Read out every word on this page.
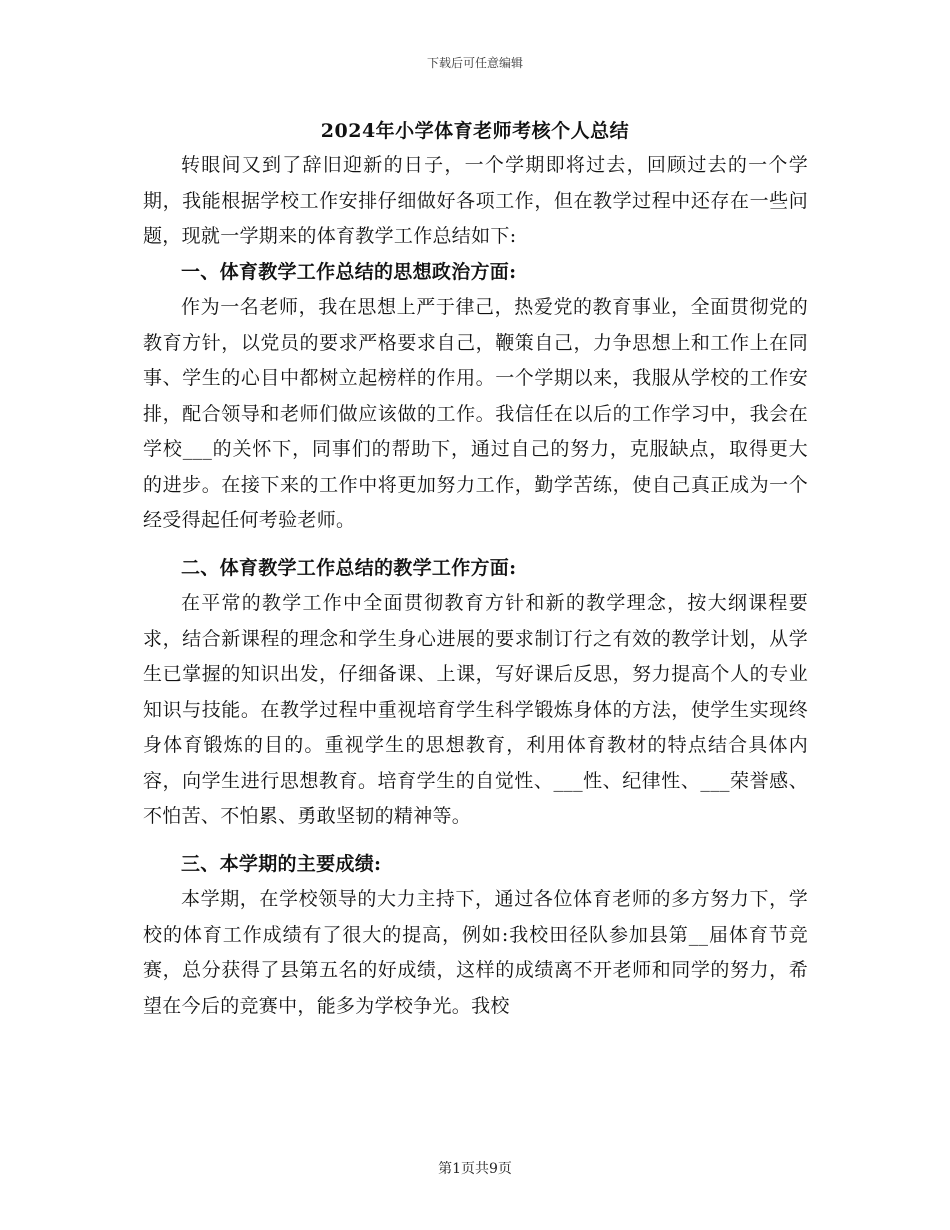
下载后可任意编辑
2024年小学体育老师考核个人总结

转眼间又到了辞旧迎新的日子，一个学期即将过去，回顾过去的一个学期，我能根据学校工作安排仔细做好各项工作，但在教学过程中还存在一些问题，现就一学期来的体育教学工作总结如下:

一、体育教学工作总结的思想政治方面:

作为一名老师，我在思想上严于律己，热爱党的教育事业，全面贯彻党的教育方针，以党员的要求严格要求自己，鞭策自己，力争思想上和工作上在同事、学生的心目中都树立起榜样的作用。一个学期以来，我服从学校的工作安排，配合领导和老师们做应该做的工作。我信任在以后的工作学习中，我会在学校___的关怀下，同事们的帮助下，通过自己的努力，克服缺点，取得更大的进步。在接下来的工作中将更加努力工作，勤学苦练，使自己真正成为一个经受得起任何考验老师。

二、体育教学工作总结的教学工作方面:

在平常的教学工作中全面贯彻教育方针和新的教学理念，按大纲课程要求，结合新课程的理念和学生身心进展的要求制订行之有效的教学计划，从学生已掌握的知识出发，仔细备课、上课，写好课后反思，努力提高个人的专业知识与技能。在教学过程中重视培育学生科学锻炼身体的方法，使学生实现终身体育锻炼的目的。重视学生的思想教育，利用体育教材的特点结合具体内容，向学生进行思想教育。培育学生的自觉性、___性、纪律性、___荣誉感、不怕苦、不怕累、勇敢坚韧的精神等。

三、本学期的主要成绩:

本学期，在学校领导的大力主持下，通过各位体育老师的多方努力下，学校的体育工作成绩有了很大的提高，例如:我校田径队参加县第__届体育节竞赛，总分获得了县第五名的好成绩，这样的成绩离不开老师和同学的努力，希望在今后的竞赛中，能多为学校争光。我校

第1页共9页
